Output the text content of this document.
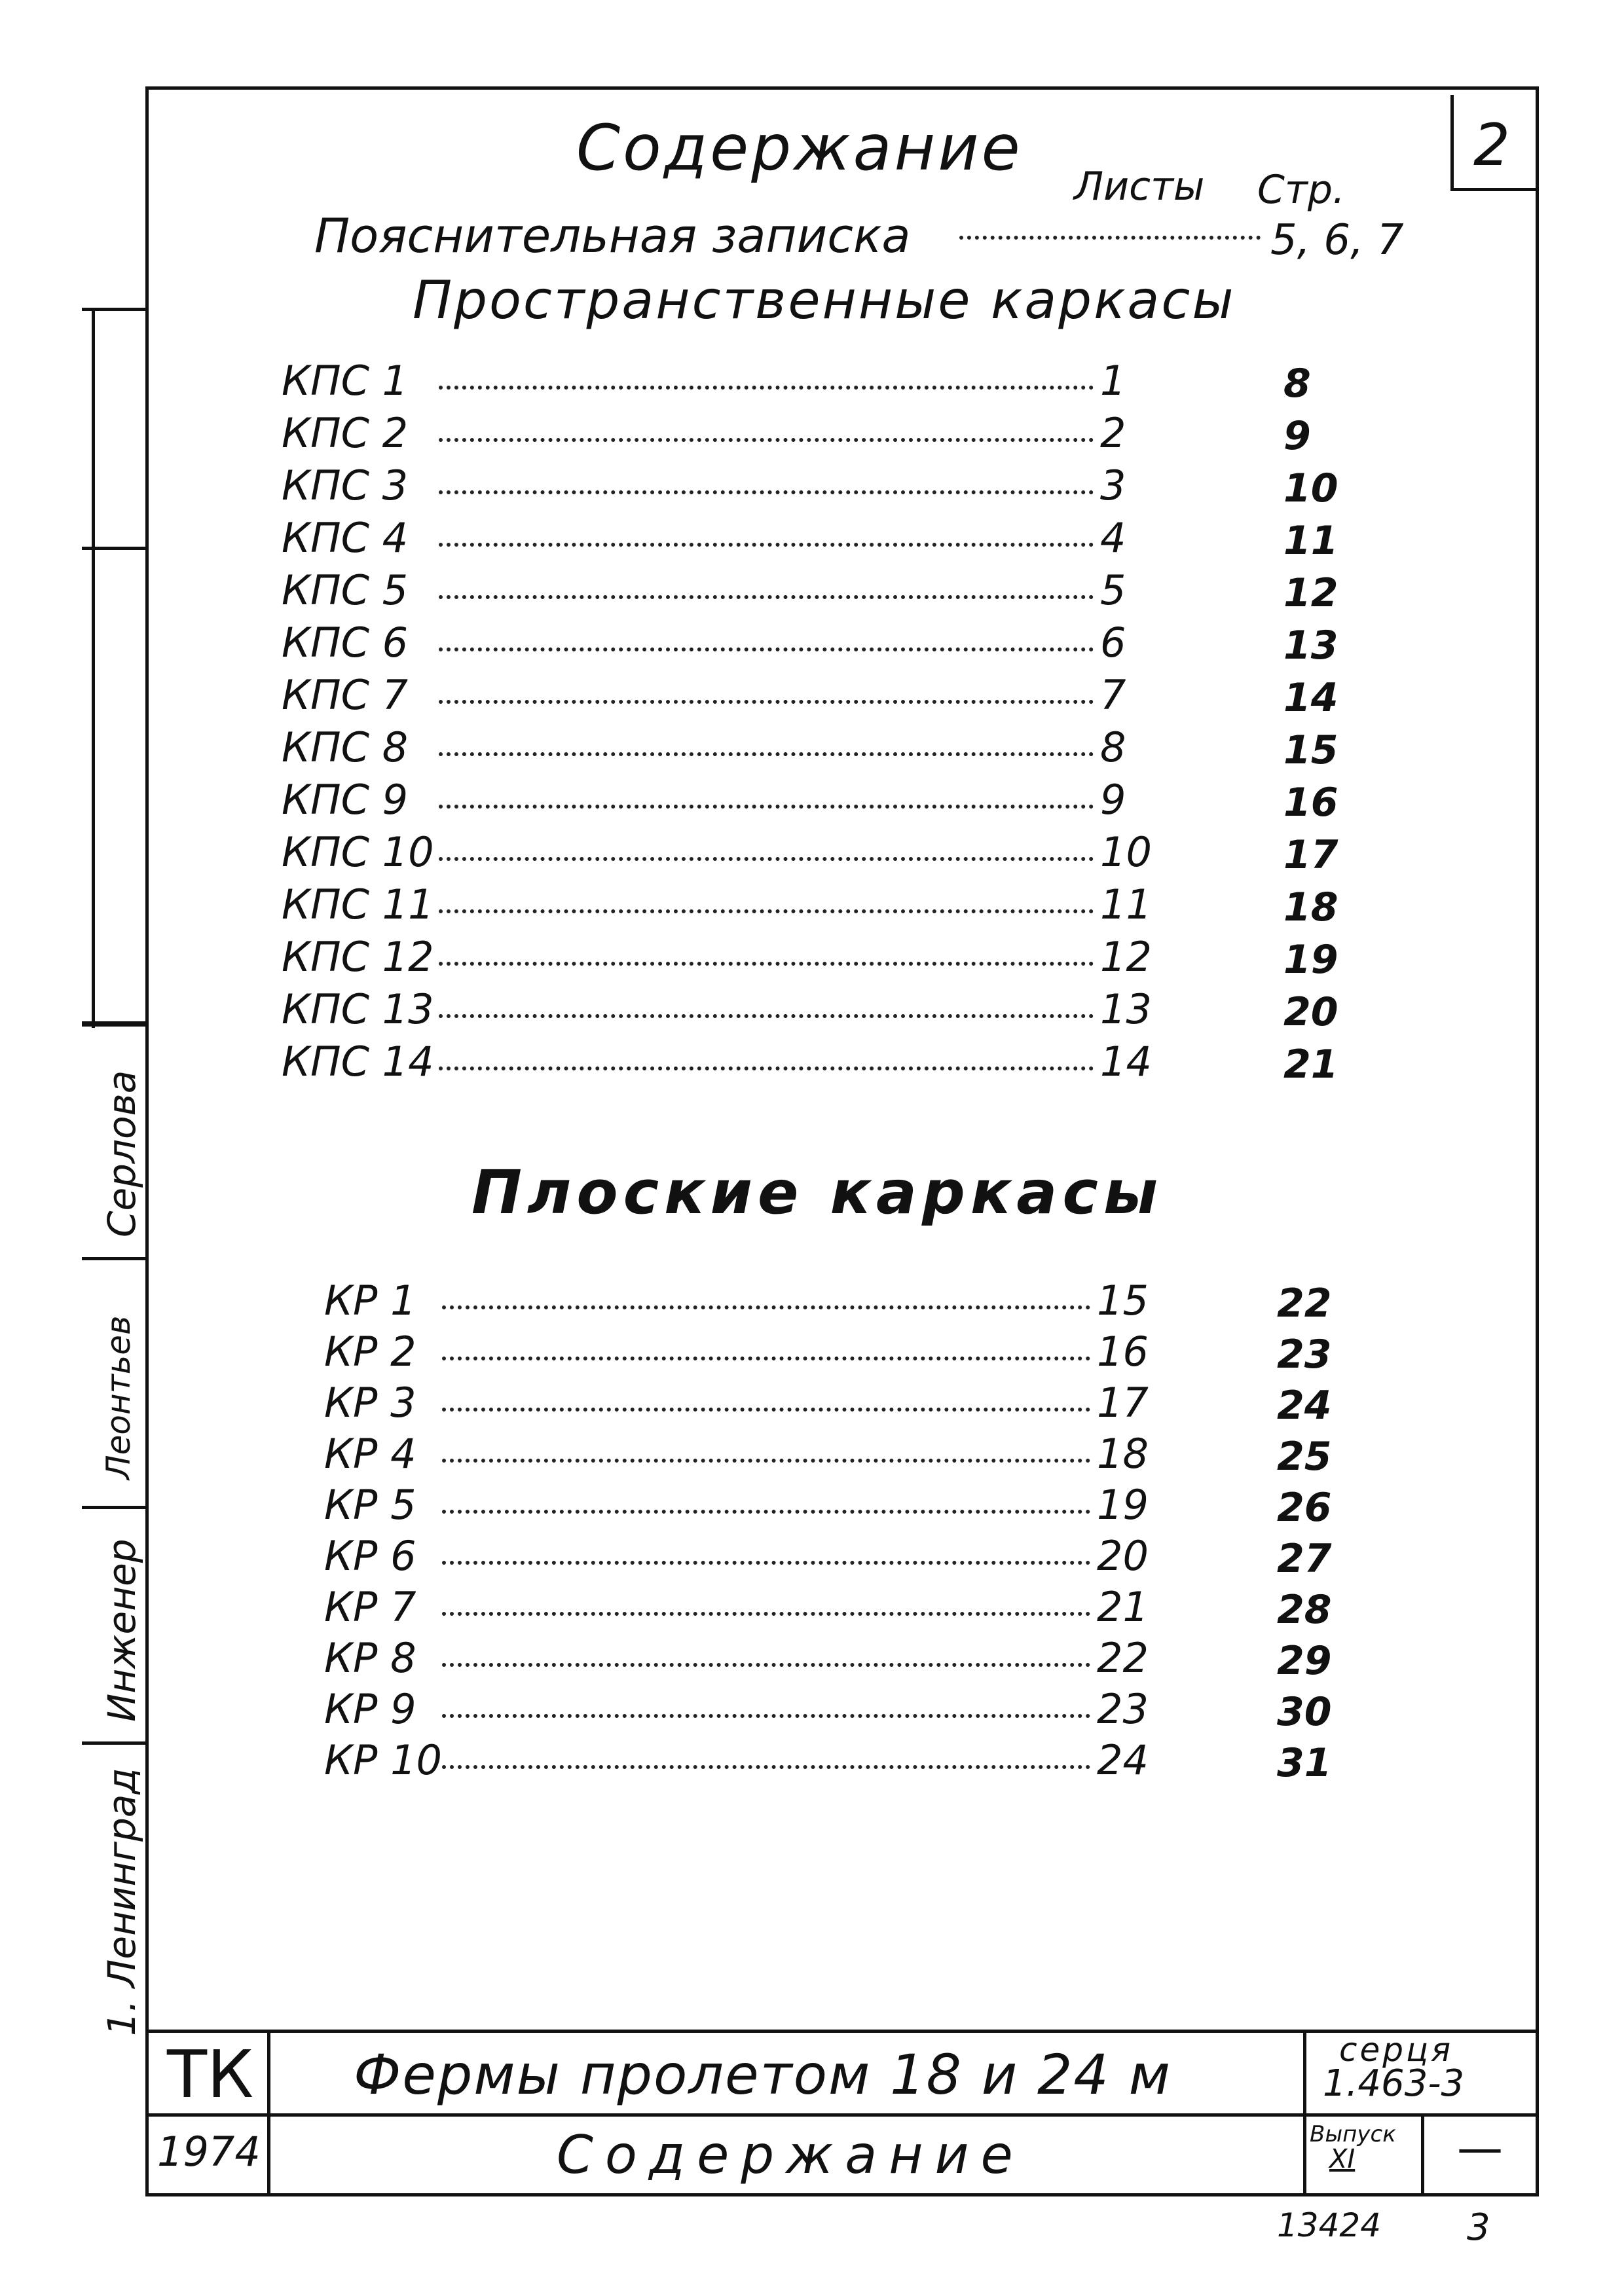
2
Серлова
Леонтьев
Инженер
1. Ленинград
Содержание
Листы Стр.
Пояснительная записка	5, 6, 7
Пространственные каркасы
КПС 1	1	8
КПС 2	2	9
КПС 3	3	10
КПС 4	4	11
КПС 5	5	12
КПС 6	6	13
КПС 7	7	14
КПС 8	8	15
КПС 9	9	16
КПС 10	10	17
КПС 11	11	18
КПС 12	12	19
КПС 13	13	20
КПС 14	14	21
Плоские каркасы
КР 1	15	22
КР 2	16	23
КР 3	17	24
КР 4	18	25
КР 5	19	26
КР 6	20	27
КР 7	21	28
КР 8	22	29
КР 9	23	30
КР 10	24	31
ТК
1974
Фермы пролетом 18 и 24 м
Содержание
серця
1.463-3
Выпуск
XI —
13424 3
